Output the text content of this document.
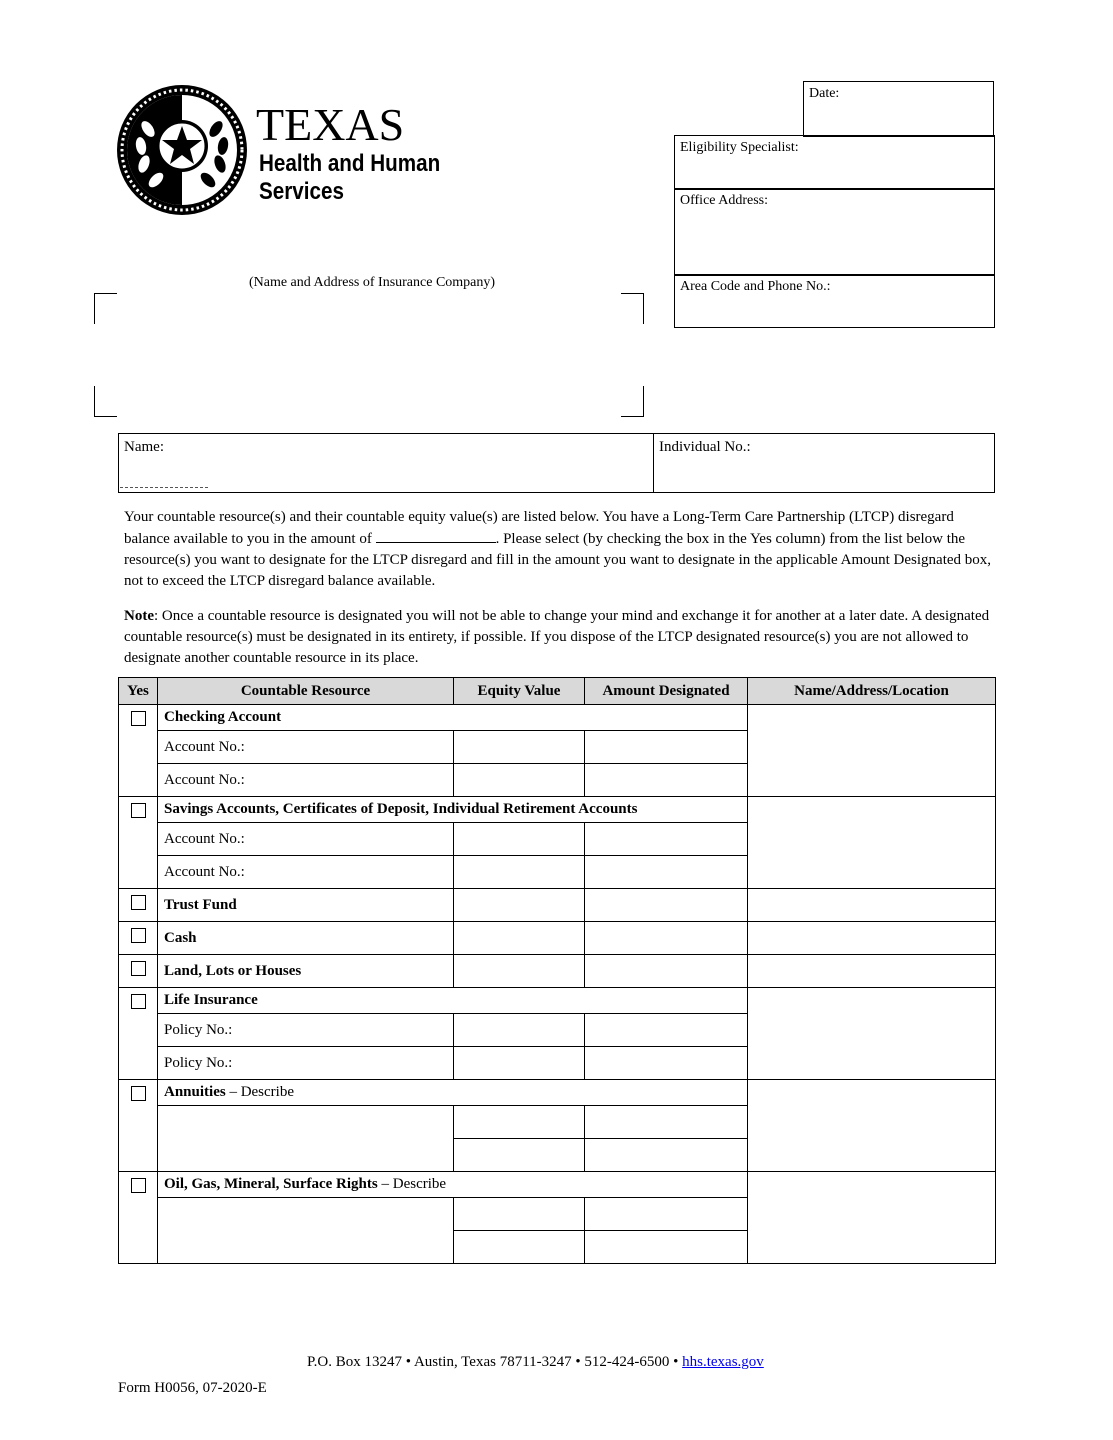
TEXAS
Health and Human
Services
Date:
Eligibility Specialist:
Office Address:
Area Code and Phone No.:
(Name and Address of Insurance Company)
Name:	Individual No.:
Your countable resource(s) and their countable equity value(s) are listed below. You have a Long-Term Care Partnership (LTCP) disregard balance available to you in the amount of	. Please select (by checking the box in the Yes column) from the list below the resource(s) you want to designate for the LTCP disregard and fill in the amount you want to designate in the applicable Amount Designated box, not to exceed the LTCP disregard balance available.
Note: Once a countable resource is designated you will not be able to change your mind and exchange it for another at a later date. A designated countable resource(s) must be designated in its entirety, if possible. If you dispose of the LTCP designated resource(s) you are not allowed to designate another countable resource in its place.
Yes	Countable Resource	Equity Value	Amount Designated	Name/Address/Location
	Checking Account			
	Account No.:			
	Account No.:			
	Savings Accounts, Certificates of Deposit, Individual Retirement Accounts			
	Account No.:			
	Account No.:			
	Trust Fund			
	Cash			
	Land, Lots or Houses			
	Life Insurance			
	Policy No.:			
	Policy No.:			
	Annuities – Describe			

	Oil, Gas, Mineral, Surface Rights – Describe			

P.O. Box 13247 • Austin, Texas 78711-3247 • 512-424-6500 • hhs.texas.gov
Form H0056, 07-2020-E
